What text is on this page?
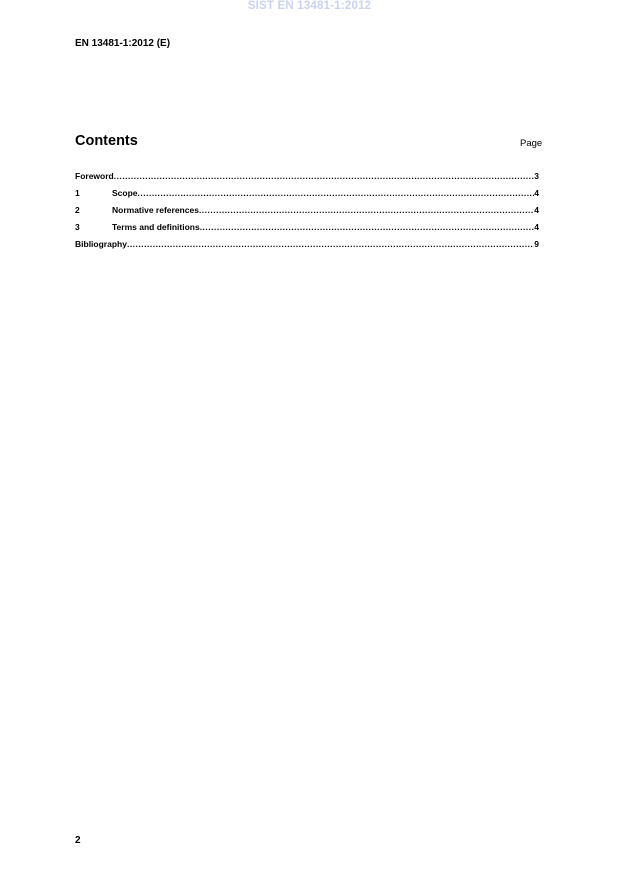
SIST EN 13481-1:2012
EN 13481-1:2012 (E)
Contents	Page
Foreword .....	3
1	Scope .....	4
2	Normative references .....	4
3	Terms and definitions .....	4
Bibliography .....	9
2
